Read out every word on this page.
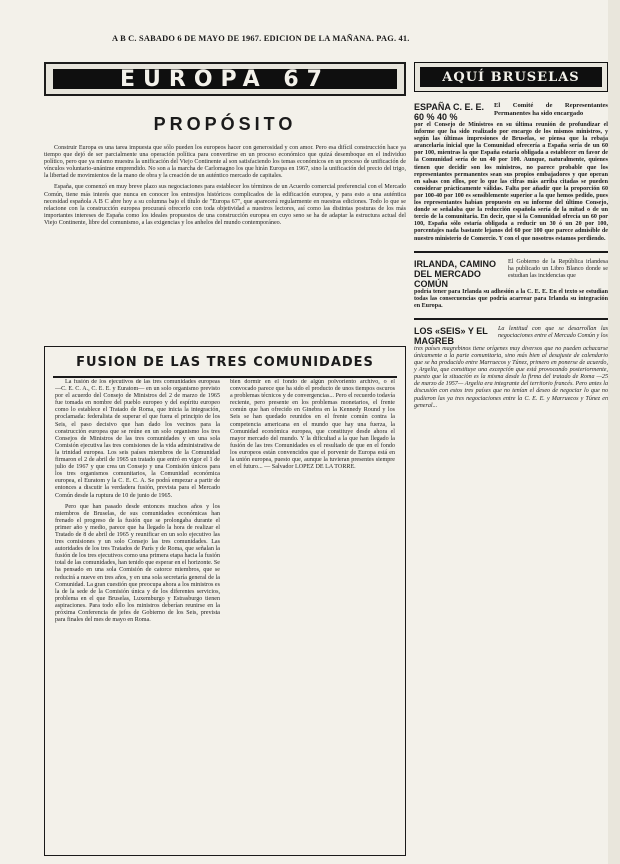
A B C. SABADO 6 DE MAYO DE 1967. EDICION DE LA MAÑANA. PAG. 41.
EUROPA 67
PROPÓSITO

Construir Europa es una tarea impuesta que sólo pueden los europeos hacer con generosidad y con amor. Pero esa difícil construcción hace ya tiempo que dejó de ser parcialmente una operación política para convertirse en un proceso económico que quizá desemboque en el individuo político, pero que ya mismo muestra la unificación del Viejo Continente al son satisfaciendo los temas económicos en un proceso de unificación de vínculos voluntario-unánime emprendido. No son a la marcha de Carlomagno los que hirán Europa en 1967, sino la unificación del precio del trigo, la libertad de movimientos de la mano de obra y la creación de un auténtico mercado de capitales.

España, que comenzó en muy breve plazo sus negociaciones para establecer los términos de un Acuerdo comercial preferencial con el Mercado Común, tiene más interés que nunca en conocer los entresijos históricos complicados de la edificación europea, y para esto a una auténtica necesidad española A B C abre hoy a su columna bajo el título de "Europa 67", que aparecerá regularmente en nuestras ediciones. Todo lo que se relacione con la construcción europea procurará ofrecerlo con toda objetividad a nuestros lectores, así como las distintas posturas de los más importantes intereses de España como los ideales propuestos de una construcción europea en cuyo seno se ha de adaptar la estructura actual del Viejo Continente, libre del comunismo, a las exigencias y los anhelos del mundo contemporáneo.

FUSION DE LAS TRES COMUNIDADES

La fusión de los ejecutivos de las tres comunidades europeas —C. E. C. A., C. E. E. y Euratom— en un solo organismo previsto por el acuerdo del Consejo de Ministros del 2 de marzo de 1965 fue tomada en nombre del pueblo europeo y del espíritu europeo como lo establece el Tratado de Roma, que inicia la integración, proclamada: federalista de superar el que fuera el principio de los Seis, el paso decisivo que han dado los vecinos para la construcción europea que se reúne en un solo organismo los tres Consejos de Ministros de las tres comunidades y en una sola Comisión ejecutiva las tres comisiones de la vida administrativa de la trinidad europea. Los seis países miembros de la Comunidad firmaron el 2 de abril de 1965 un tratado que entró en vigor el 1 de julio de 1967 y que crea un Consejo y una Comisión únicos para los tres organismos comunitarios, la Comunidad económica europea, el Euratom y la C. E. C. A. Se podrá empezar a partir de entonces a discutir la verdadera fusión, prevista para el Mercado Común desde la ruptura de 10 de junio de 1965.

Pero que han pasado desde entonces muchos años y los miembros de Bruselas, de sus comunidades económicas han frenado el progreso de la fusión que se prolongaba durante el primer año y medio, parece que ha llegado la hora de realizar el Tratado de 8 de abril de 1965 y reunificar en un solo ejecutivo las tres comisiones y un solo Consejo las tres comunidades. Las autoridades de los tres Tratados de París y de Roma, que señalan la fusión de los tres ejecutivos como una primera etapa hacia la fusión total de las comunidades, han tenido que esperar en el horizonte. Se ha pensado en una sola Comisión de catorce miembros, que se reducirá a nueve en tres años, y en una sola secretaría general de la Comunidad. La gran cuestión que preocupa ahora a los ministros es la de la sede de la Comisión única y de los diferentes servicios, problema en el que Bruselas, Luxemburgo y Estrasburgo tienen aspiraciones. Para todo ello los ministros deberían reunirse en la próxima Conferencia de jefes de Gobierno de los Seis, prevista para finales del mes de mayo en Roma.

bien dormir en el fondo de algún polvoriento archivo, o el convocado parece que ha sido el producto de unos tiempos oscuros a problemas técnicos y de convergencias... Pero el recuerdo todavía reciente, pero presente en los problemas monetarios, el frente común que han ofrecido en Ginebra en la Kennedy Round y los Seis se han quedado reunidos en el frente común contra la competencia americana en el mundo que hay una fuerza, la Comunidad económica europea, que constituye desde ahora el mayor mercado del mundo. Y la dificultad a la que han llegado la fusión de las tres Comunidades es el resultado de que en el fondo los europeos están convencidos que el porvenir de Europa está en la unión europea, puesto que, aunque la tuvieran presentes siempre en el futuro... — Salvador LOPEZ DE LA TORRE.

AQUÍ BRUSELAS
ESPAÑA C. E. E. 60 % 40 %
El Comité de Representantes Permanentes ha sido encargado

por el Consejo de Ministros en su última reunión de profundizar el informe que ha sido realizado por encargo de los mismos ministros, y según las últimas impresiones de Bruselas, se piensa que la rebaja arancelaria inicial que la Comunidad ofrecería a España sería de un 60 por 100, mientras la que España estaría obligada a establecer en favor de la Comunidad sería de un 40 por 100. Aunque, naturalmente, quienes tienen que decidir son los ministros, no parece probable que los representantes permanentes sean sus propios embajadores y que operan en salsas con ellos, por lo que las cifras más arriba citadas se pueden considerar prácticamente válidas. Falta por añadir que la proporción 60 por 100-40 por 100 es sensiblemente superior a la que hemos pedido, pues los representantes habían propuesto en su informe del último Consejo, donde se señalaba que la reducción española sería de la mitad o de un tercio de la comunitaria. En decir, que si la Comunidad ofrecía un 60 por 100, España sólo estaría obligada a reducir un 30 ó un 20 por 100, porcentajes nada bastante lejanos del 60 por 100 que parece admisible de nuestro ministerio de Comercio. Y con el que nosotros estamos perdiendo.

IRLANDA, CAMINO DEL MERCADO COMÚN
El Gobierno de la República irlandesa ha publicado un Libro Blanco donde se estudian las incidencias que

podría tener para Irlanda su adhesión a la C. E. E. En el texto se estudian todas las consecuencias que podría acarrear para Irlanda su integración en Europa.

LOS «SEIS» Y EL MAGREB
La lentitud con que se desarrollan las negociaciones entre el Mercado Común y los

tres países magrebinos tiene orígenes muy diversos que no pueden achacarse únicamente a la parte comunitaria, sino más bien al desajuste de calendario que se ha producido entre Marruecos y Túnez, primero en ponerse de acuerdo, y Argelia, que constituye una excepción que está provocando posteriormente, puesto que la situación es la misma desde la firma del tratado de Roma —25 de marzo de 1957— Argelia era integrante del territorio francés. Pero antes la discusión con estos tres países que no tenían el deseo de negociar lo que no pudieron las ya tres negociaciones entre la C. E. E. y Marruecos y Túnez en general...
